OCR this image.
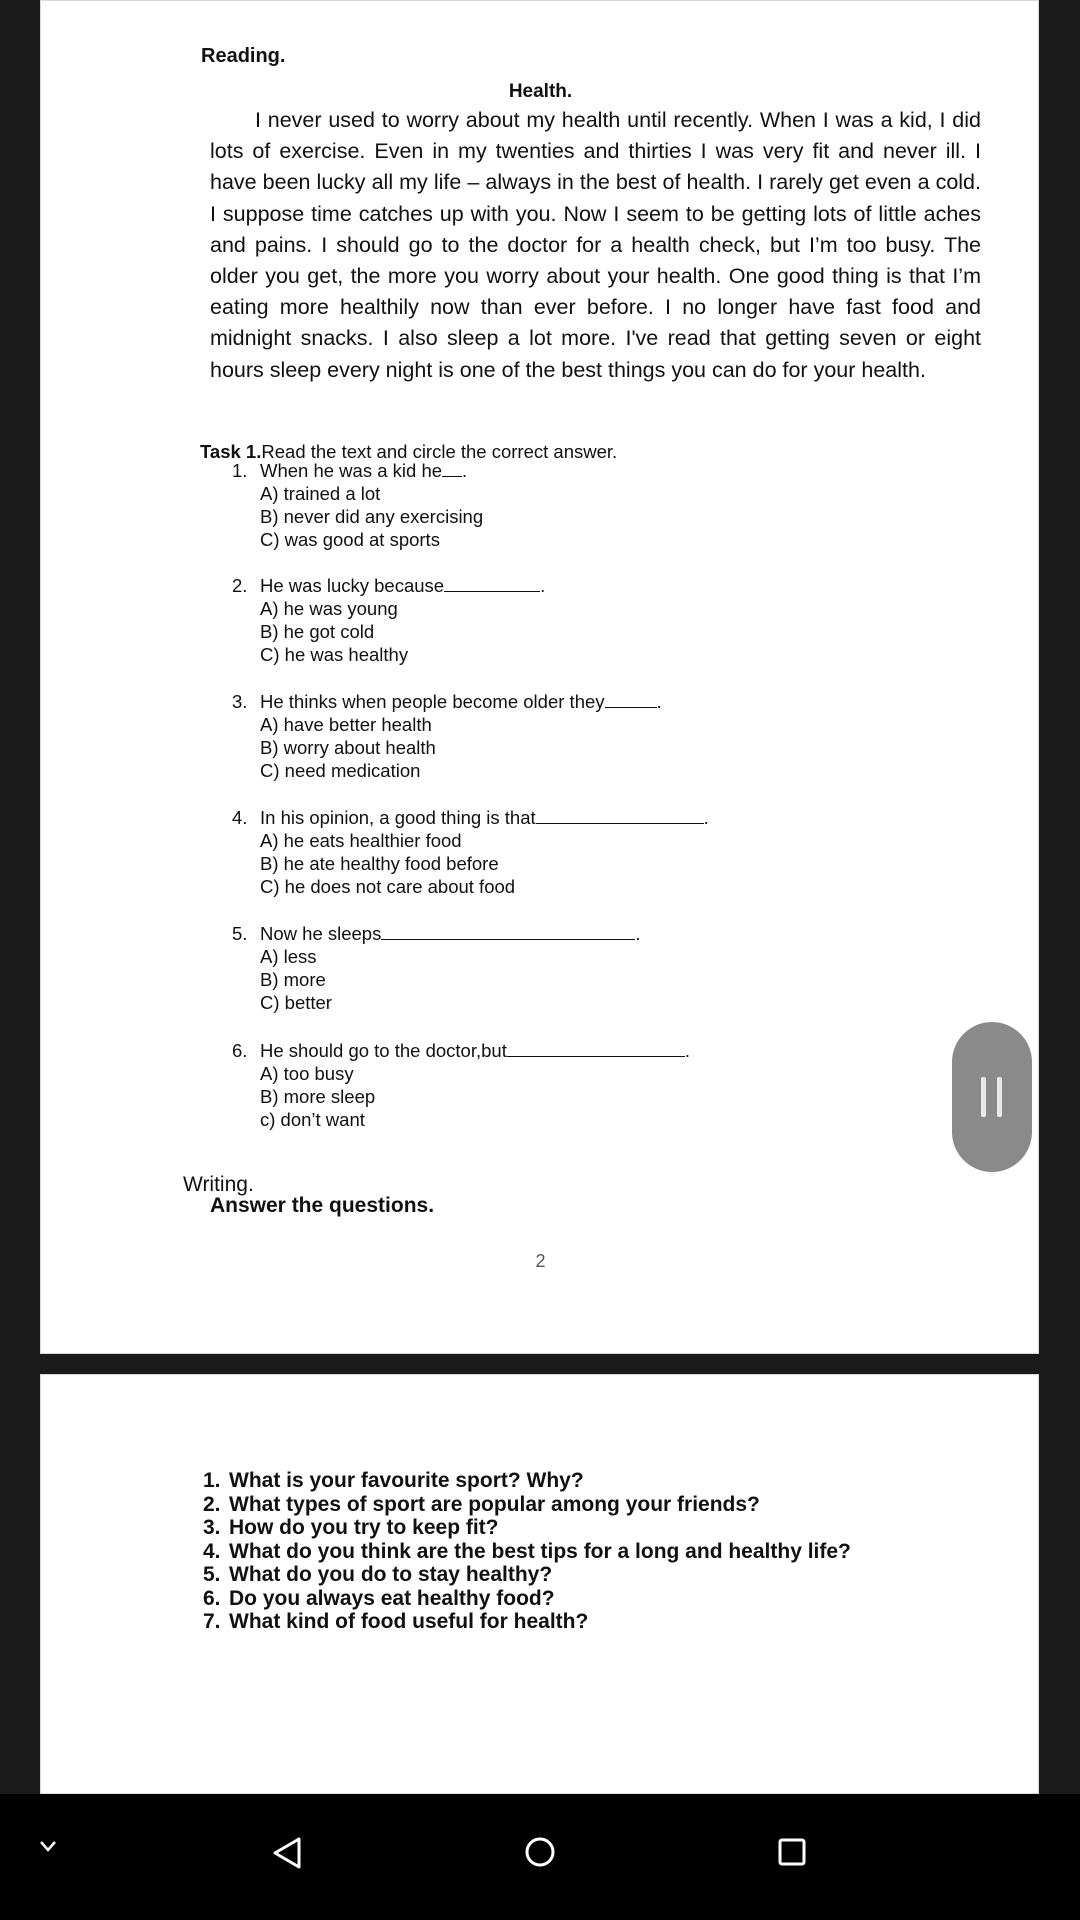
Reading.

Health.

I never used to worry about my health until recently. When I was a kid, I did lots of exercise. Even in my twenties and thirties I was very fit and never ill. I have been lucky all my life – always in the best of health. I rarely get even a cold. I suppose time catches up with you. Now I seem to be getting lots of little aches and pains. I should go to the doctor for a health check, but I’m too busy. The older you get, the more you worry about your health. One good thing is that I’m eating more healthily now than ever before. I no longer have fast food and midnight snacks. I also sleep a lot more. I've read that getting seven or eight hours sleep every night is one of the best things you can do for your health.

Task 1.Read the text and circle the correct answer.

1. When he was a kid he .
A) trained a lot
B) never did any exercising
C) was good at sports
2. He was lucky because	.
A) he was young
B) he got cold
C) he was healthy
3. He thinks when people become older they	.
A) have better health
B) worry about health
C) need medication
4. In his opinion, a good thing is that	.
A) he eats healthier food
B) he ate healthy food before
C) he does not care about food
5. Now he sleeps	.
A) less
B) more
C) better
6. He should go to the doctor,but	.
A) too busy
B) more sleep
c) don’t want

Writing.

Answer the questions.

2

1. What is your favourite sport? Why?
2. What types of sport are popular among your friends?
3. How do you try to keep fit?
4. What do you think are the best tips for a long and healthy life?
5. What do you do to stay healthy?
6. Do you always eat healthy food?
7. What kind of food useful for health?
